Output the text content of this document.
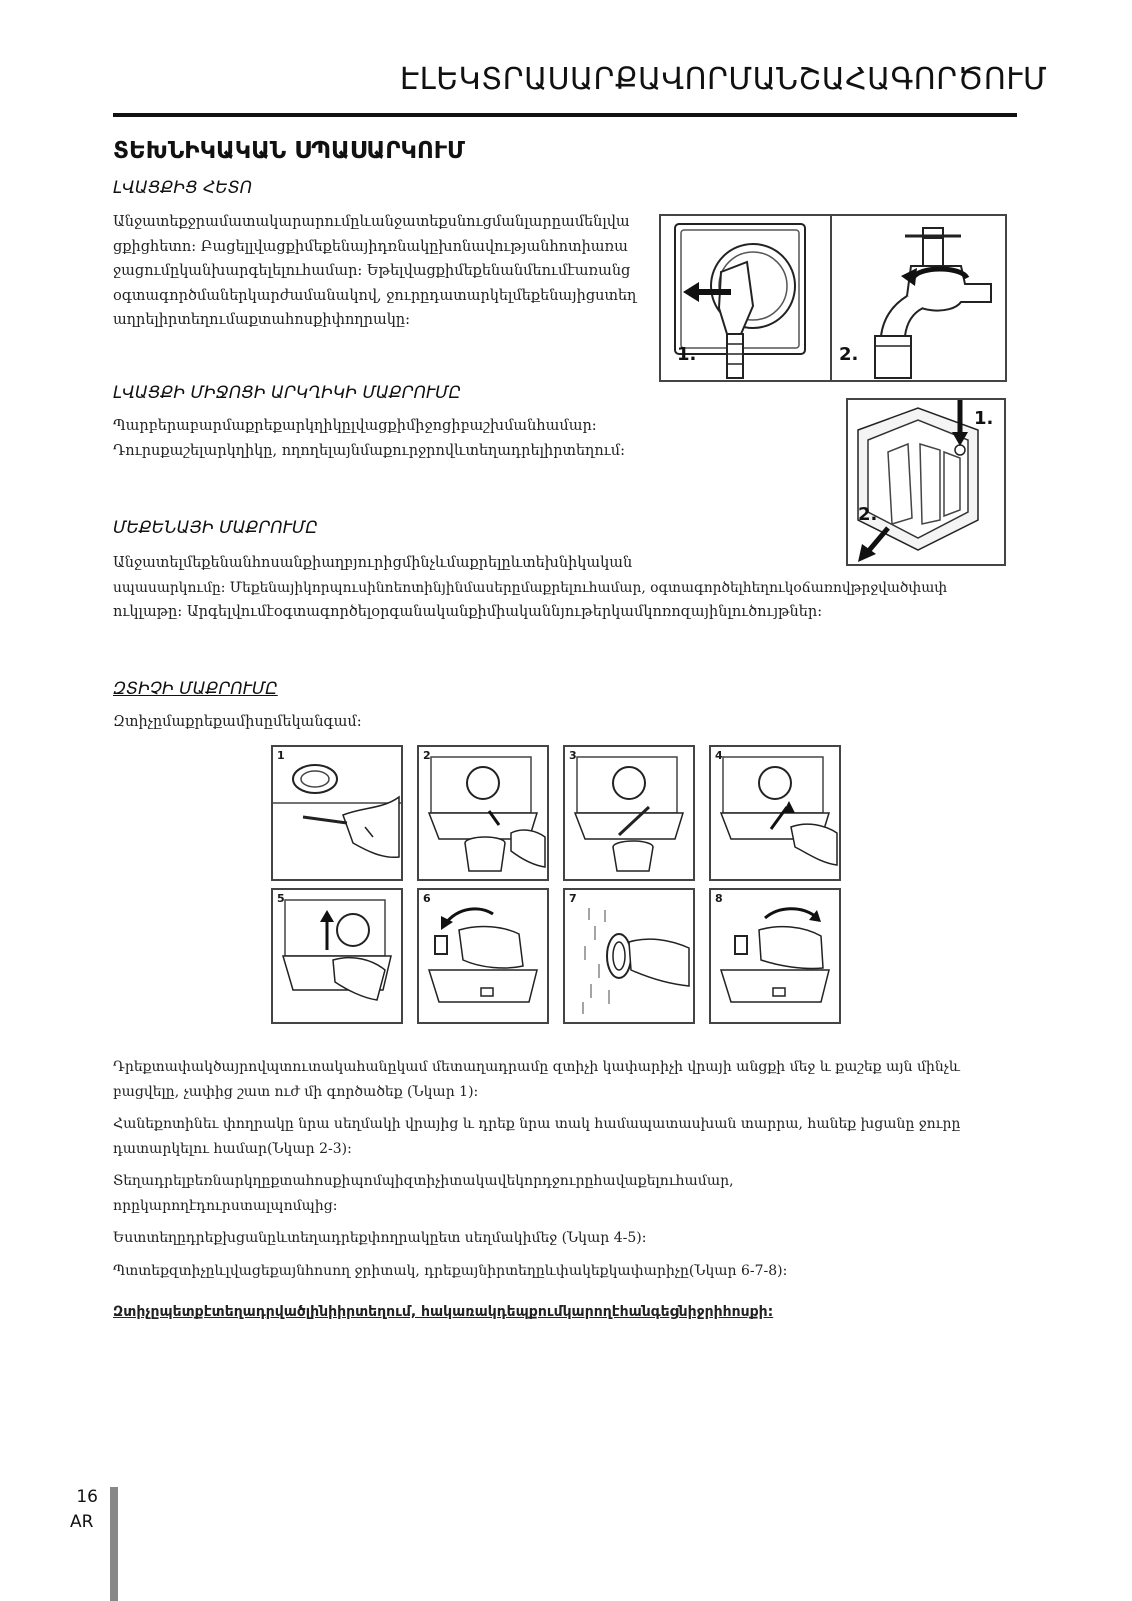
ԷԼԵԿՏՐԱՍԱՐՔԱՎՈՐՄԱՆՇԱՀԱԳՈՐԾՈՒՄ
ՏԵԽՆԻԿԱԿԱՆ ՍՊԱՍԱՐԿՈՒՄ
ԼՎԱՑՔԻՑ ՀԵՏՈ
Անջատեքջրամատակարարումըևանջատեքսնուցմանլարըամենլվա
ցքիցհետո: Բացելլվացքիմեքենայիդռնակըխոնավությանհոտիառա
ջացումըկանխարգելելուհամար: Եթելվացքիմեքենանմեումէառանց
օգտագործմաներկարժամանակով, ջուրըդատարկելմեքենայիցստեղ
աղրելիրտեղումաքտահոսքիփողրակը:
1.	2.
ԼՎԱՑՔԻ ՄԻՋՈՑԻ ԱՐԿՂԻԿԻ ՄԱՔՐՈՒՄԸ
Պարբերաբարմաքրեքարկղիկըլվացքիմիջոցիբաշխմանհամար:
Դուրսքաշելարկղիկը, ողողելայնմաքուրջրովևտեղադրելիրտեղում:
1.
2.
ՄԵՔԵՆԱՅԻ ՄԱՔՐՈՒՄԸ
Անջատելմեքենանհոսանքիաղբյուրիցմինչևմաքրելըևտեխնիկական
սպասարկումը: Մեքենայիկորպուսինոեոտինյինմասերըմաքրելուհամար, օգտագործելհեղուկօճառովթրջվածփափ
ուկլաթը: Արգելվումէօգտագործելօրգանականքիմիականնյութերկամկոռոզայինլուծույթներ:
ԶՏԻՉԻ ՄԱՔՐՈՒՄԸ
Զտիչըմաքրեքամիսըմեկանգամ:
1	2	3	4
5	6	7	8
Դրեքտափակծայրովպտուտակահանըկամ մետաղադրամը զտիչի կափարիչի վրայի անցքի մեջ և քաշեք այն մինչև
բացվելը, չափից շատ ուժ մի գործածեք (Նկար 1):
Հանեքոտինեւ փողրակը նրա սեղմակի վրայից և դրեք նրա տակ համապատասխան տարրա, հանեք խցանը ջուրը
դատարկելու համար(Նկար 2-3):
Տեղադրելբեռնարկղըքտահոսքիպոմպիզտիչիտակավեկորդջուրըհավաքելուհամար,
որըկարողէդուրստալպոմպից:
Եստտեղըդրեքխցանըևտեղադրեքփողրակըետ սեղմակիմեջ (Նկար 4-5):
Պտտեքզտիչըևլվացեքայնհոսող ջրիտակ, դրեքայնիրտեղըևփակեքկափարիչը(Նկար 6-7-8):
Զտիչըպետքէտեղադրվածլինիիրտեղում, հակառակդեպքումկարողէհանգեցնիջրիհոսքի:
16
AR
